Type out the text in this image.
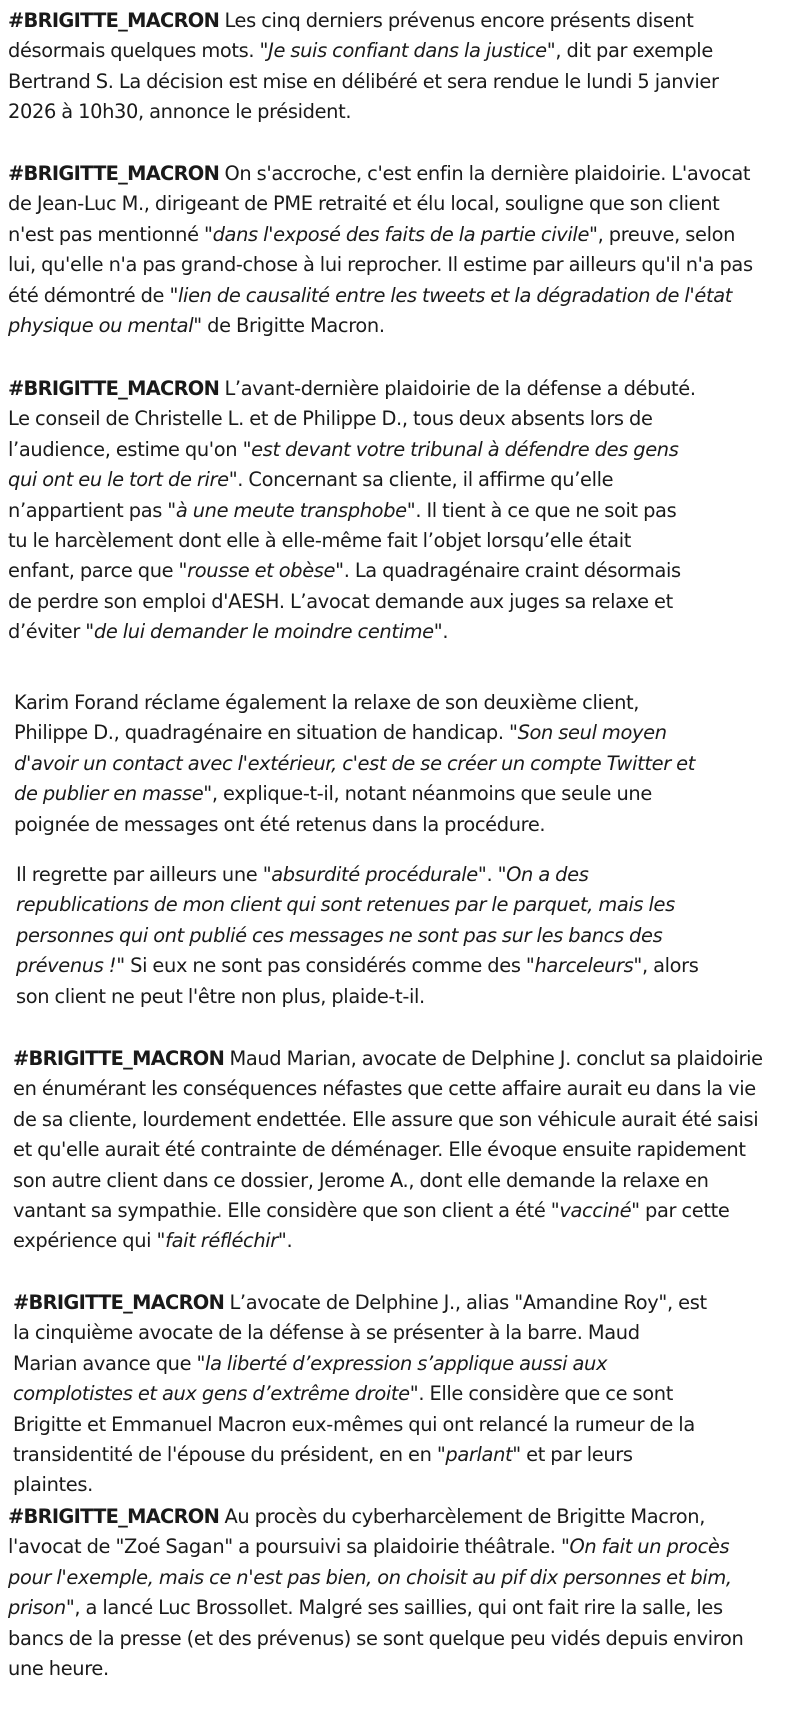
#BRIGITTE_MACRON Les cinq derniers prévenus encore présents disent
désormais quelques mots. "Je suis confiant dans la justice", dit par exemple
Bertrand S. La décision est mise en délibéré et sera rendue le lundi 5 janvier
2026 à 10h30, annonce le président.

#BRIGITTE_MACRON On s'accroche, c'est enfin la dernière plaidoirie. L'avocat
de Jean-Luc M., dirigeant de PME retraité et élu local, souligne que son client
n'est pas mentionné "dans l'exposé des faits de la partie civile", preuve, selon
lui, qu'elle n'a pas grand-chose à lui reprocher. Il estime par ailleurs qu'il n'a pas
été démontré de "lien de causalité entre les tweets et la dégradation de l'état
physique ou mental" de Brigitte Macron.

#BRIGITTE_MACRON L’avant-dernière plaidoirie de la défense a débuté.
Le conseil de Christelle L. et de Philippe D., tous deux absents lors de
l’audience, estime qu'on "est devant votre tribunal à défendre des gens
qui ont eu le tort de rire". Concernant sa cliente, il affirme qu’elle
n’appartient pas "à une meute transphobe". Il tient à ce que ne soit pas
tu le harcèlement dont elle à elle-même fait l’objet lorsqu’elle était
enfant, parce que "rousse et obèse". La quadragénaire craint désormais
de perdre son emploi d'AESH. L’avocat demande aux juges sa relaxe et
d’éviter "de lui demander le moindre centime".

Karim Forand réclame également la relaxe de son deuxième client,
Philippe D., quadragénaire en situation de handicap. "Son seul moyen
d'avoir un contact avec l'extérieur, c'est de se créer un compte Twitter et
de publier en masse", explique-t-il, notant néanmoins que seule une
poignée de messages ont été retenus dans la procédure.

Il regrette par ailleurs une "absurdité procédurale". "On a des
republications de mon client qui sont retenues par le parquet, mais les
personnes qui ont publié ces messages ne sont pas sur les bancs des
prévenus !" Si eux ne sont pas considérés comme des "harceleurs", alors
son client ne peut l'être non plus, plaide-t-il.

#BRIGITTE_MACRON Maud Marian, avocate de Delphine J. conclut sa plaidoirie
en énumérant les conséquences néfastes que cette affaire aurait eu dans la vie
de sa cliente, lourdement endettée. Elle assure que son véhicule aurait été saisi
et qu'elle aurait été contrainte de déménager. Elle évoque ensuite rapidement
son autre client dans ce dossier, Jerome A., dont elle demande la relaxe en
vantant sa sympathie. Elle considère que son client a été "vacciné" par cette
expérience qui "fait réfléchir".

#BRIGITTE_MACRON L’avocate de Delphine J., alias "Amandine Roy", est
la cinquième avocate de la défense à se présenter à la barre. Maud
Marian avance que "la liberté d’expression s’applique aussi aux
complotistes et aux gens d’extrême droite". Elle considère que ce sont
Brigitte et Emmanuel Macron eux-mêmes qui ont relancé la rumeur de la
transidentité de l'épouse du président, en en "parlant" et par leurs
plaintes.

#BRIGITTE_MACRON Au procès du cyberharcèlement de Brigitte Macron,
l'avocat de "Zoé Sagan" a poursuivi sa plaidoirie théâtrale. "On fait un procès
pour l'exemple, mais ce n'est pas bien, on choisit au pif dix personnes et bim,
prison", a lancé Luc Brossollet. Malgré ses saillies, qui ont fait rire la salle, les
bancs de la presse (et des prévenus) se sont quelque peu vidés depuis environ
une heure.
